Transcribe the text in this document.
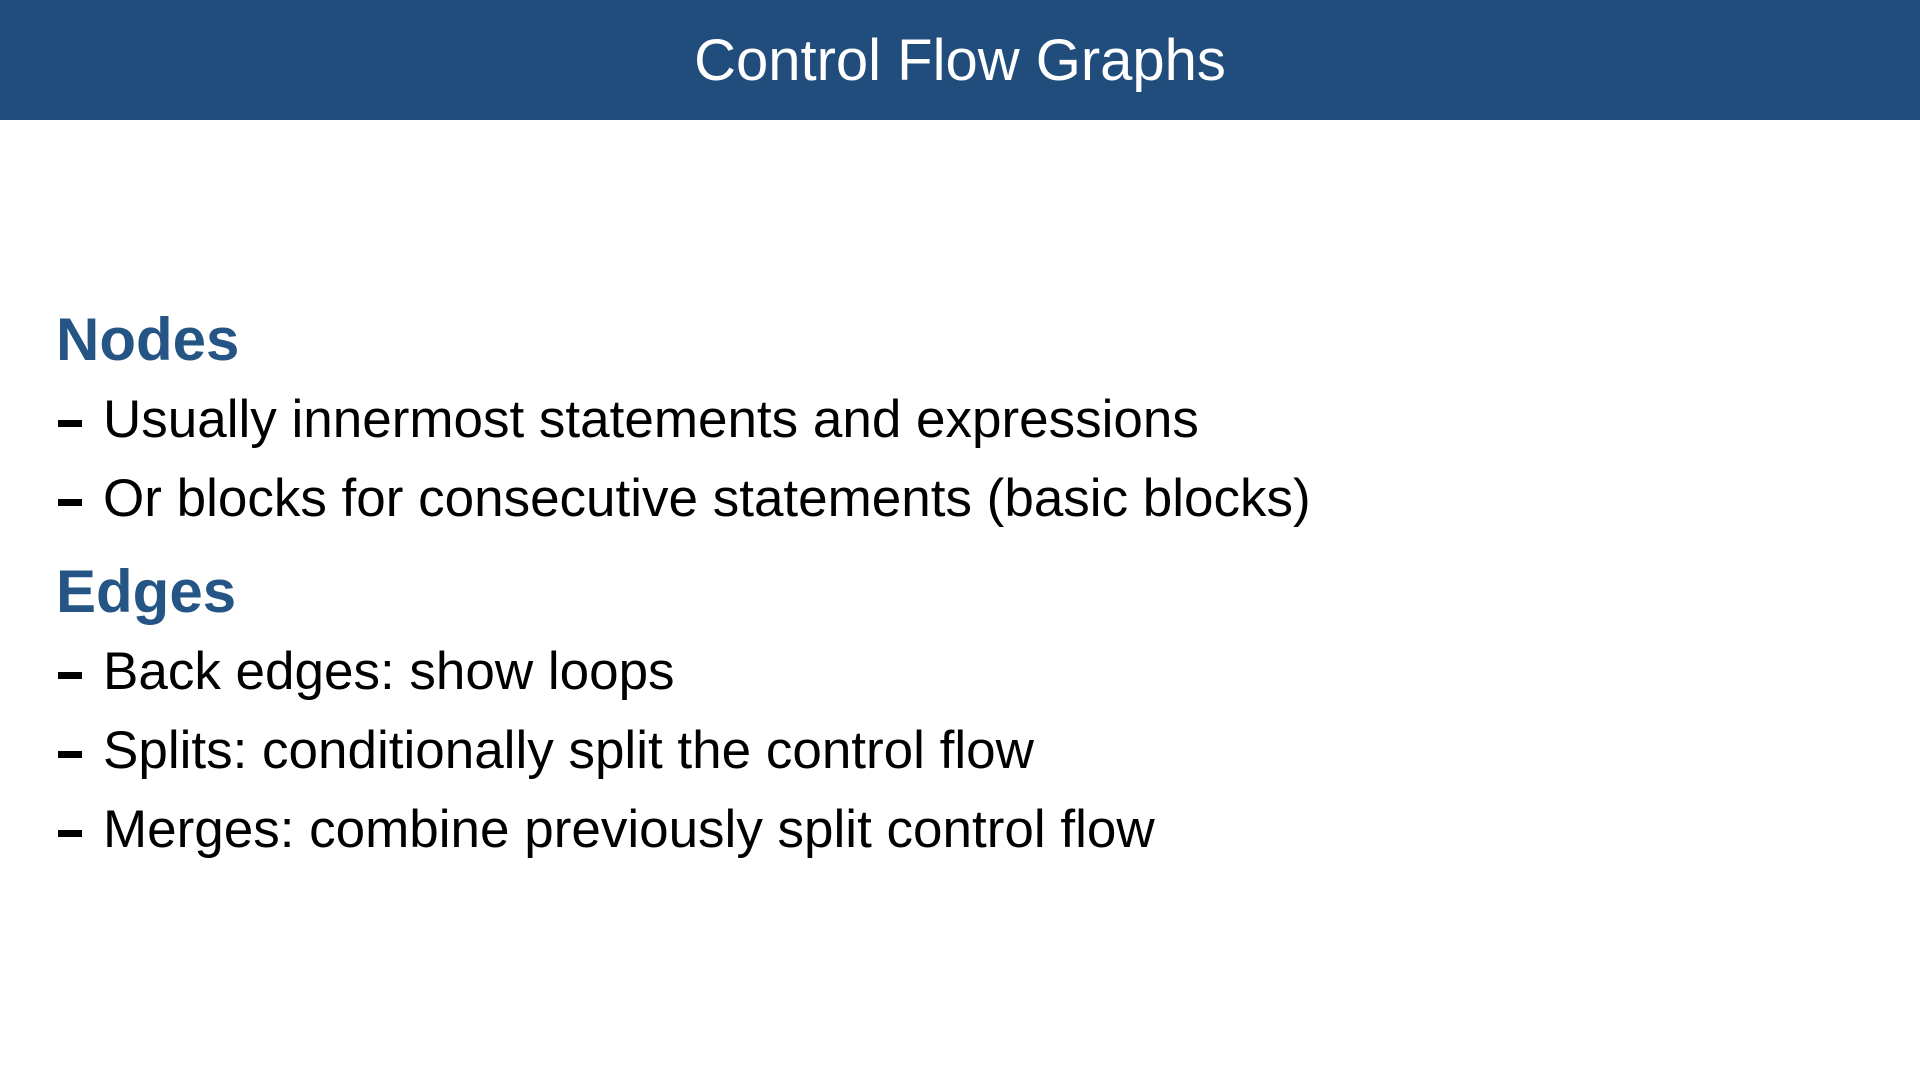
Control Flow Graphs
Nodes
Usually innermost statements and expressions
Or blocks for consecutive statements (basic blocks)
Edges
Back edges: show loops
Splits: conditionally split the control flow
Merges: combine previously split control flow
